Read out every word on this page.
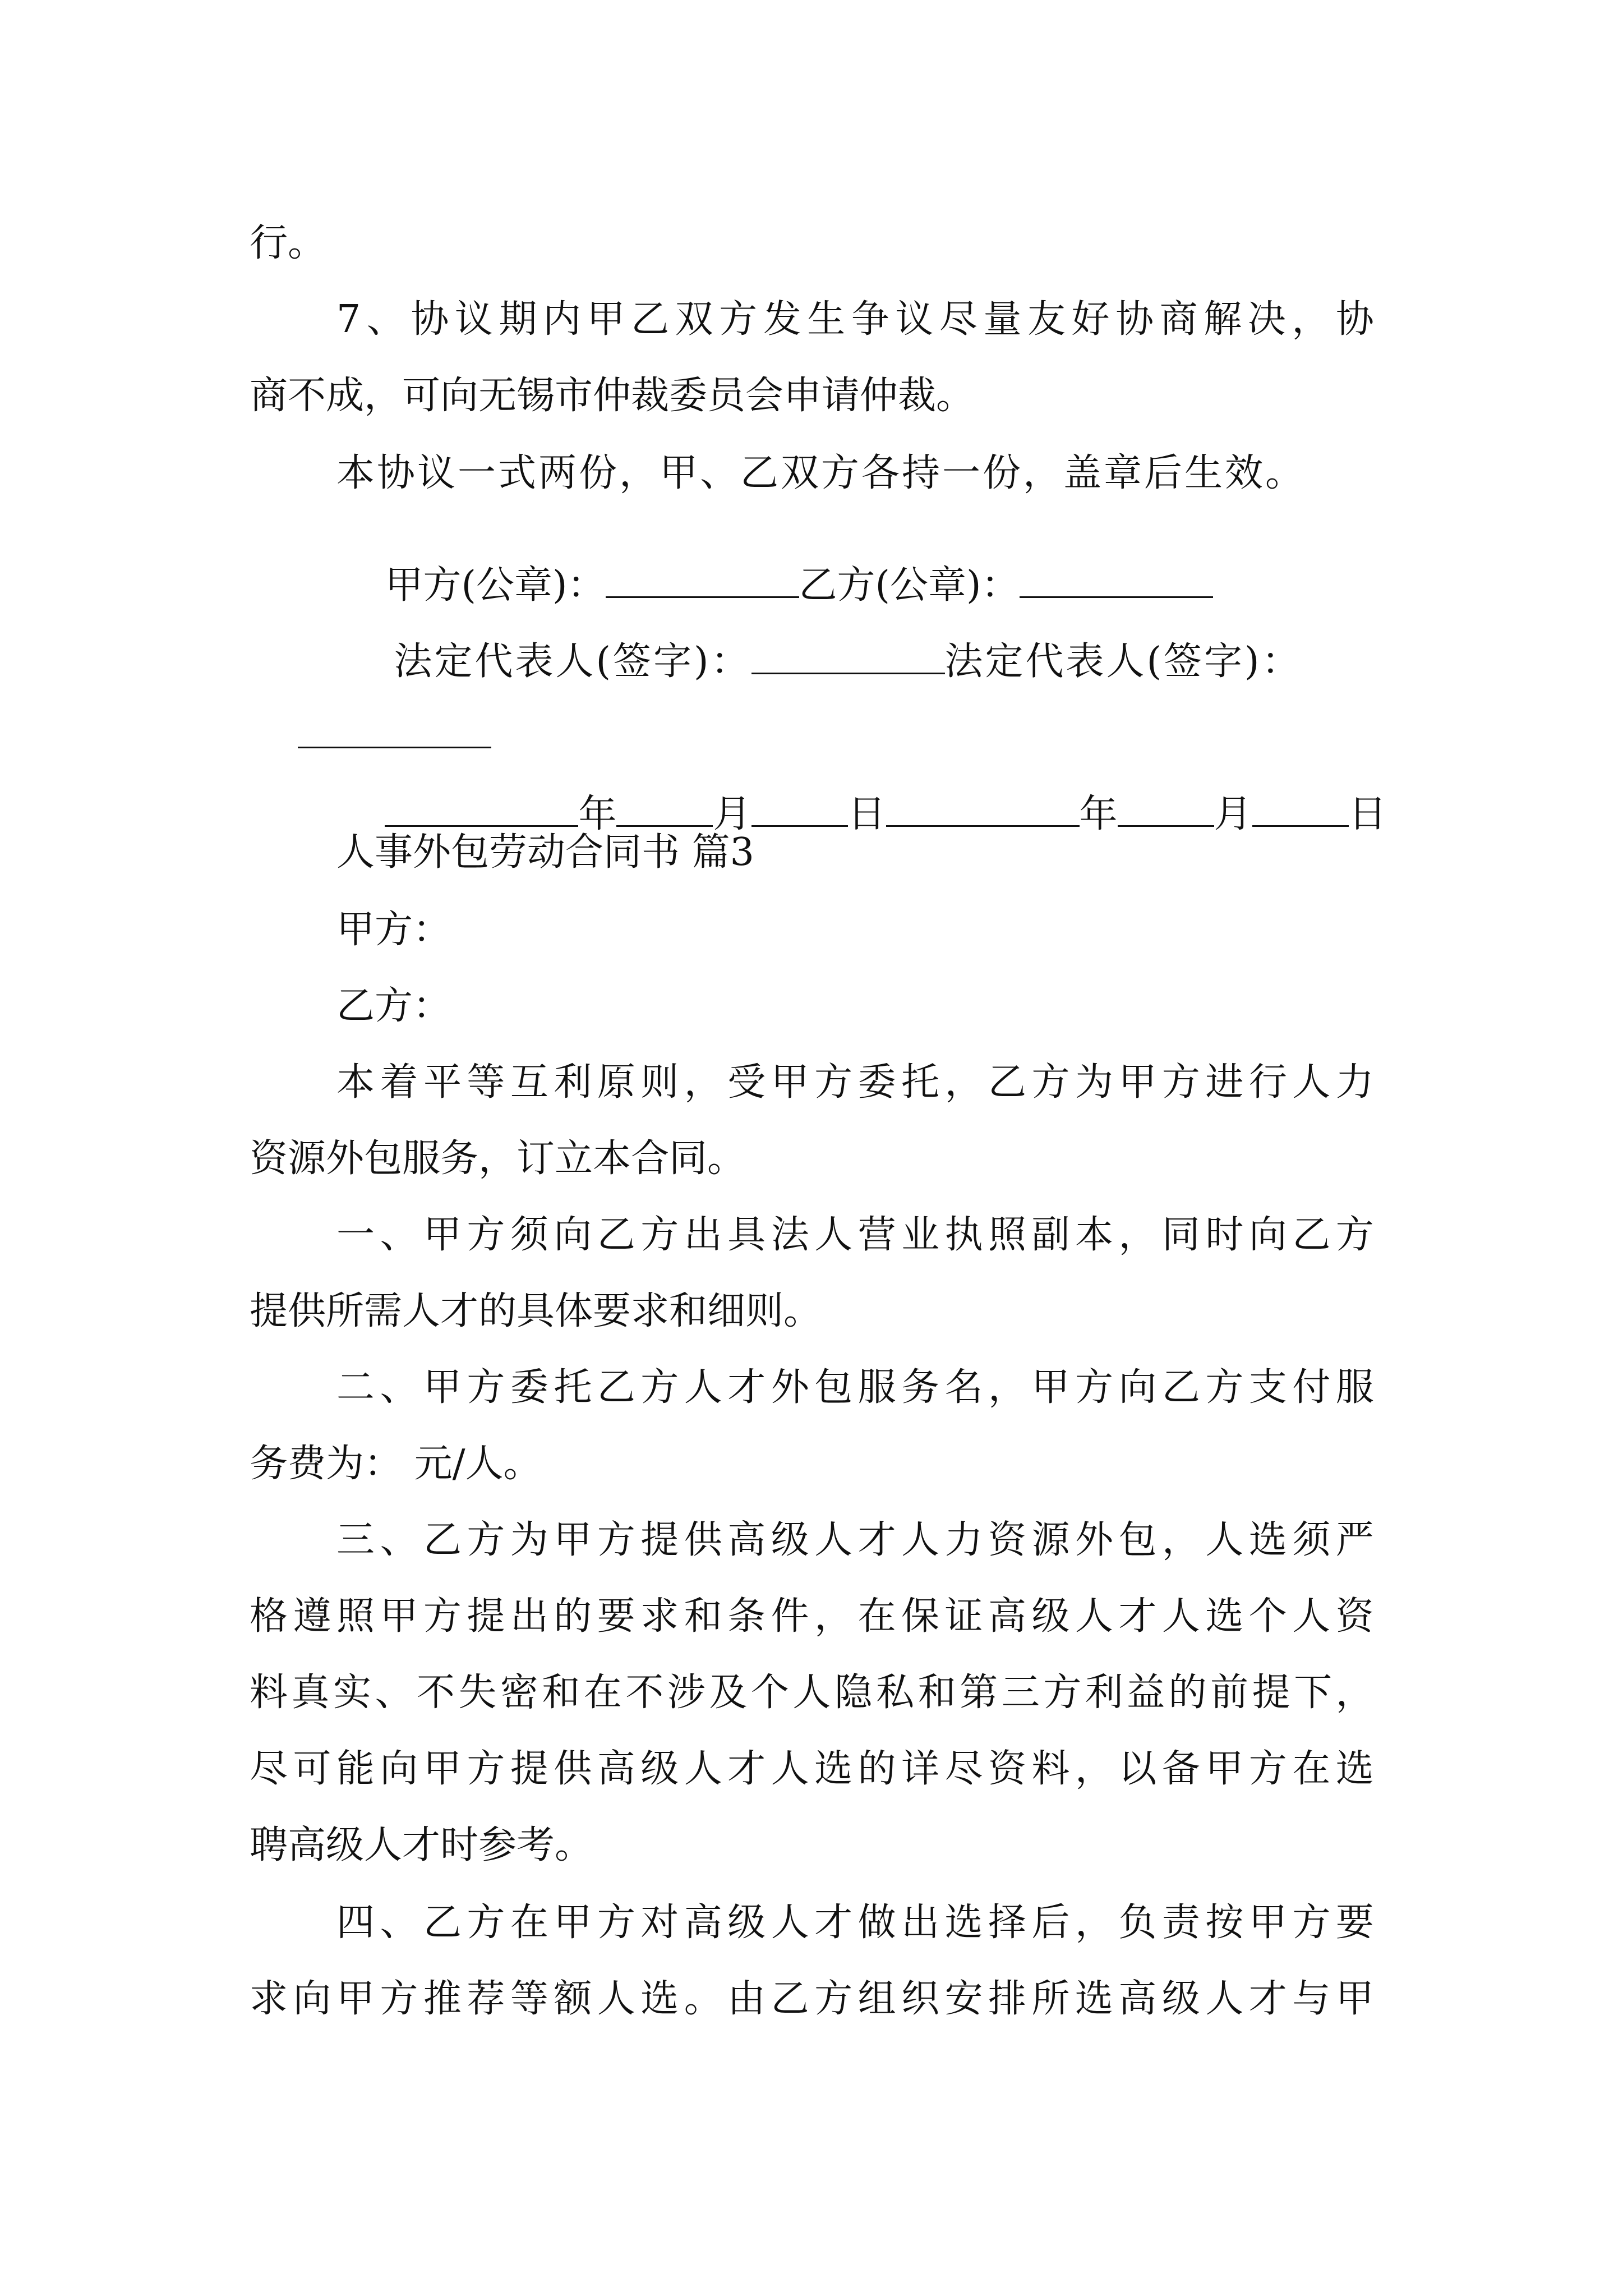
行。
7 、 协 议 期 内 甲 乙 双 方 发 生 争 议 尽 量 友 好 协 商 解 决 ， 协
商不成，可向无锡市仲裁委员会申请仲裁。
本协议一式两份，甲、乙双方各持一份，盖章后生效。

甲方(公章)：	乙方(公章)：

法定代表人(签字)：	法定代表人(签字)：

年	月	日	年	月	日

人事外包劳动合同书 篇3
甲方：
乙方：
本 着 平 等 互 利 原 则 ， 受 甲 方 委 托 ， 乙 方 为 甲 方 进 行 人 力
资源外包服务，订立本合同。
一 、 甲 方 须 向 乙 方 出 具 法 人 营 业 执 照 副 本 ， 同 时 向 乙 方
提供所需人才的具体要求和细则。
二 、 甲 方 委 托 乙 方 人 才 外 包 服 务 名 ， 甲 方 向 乙 方 支 付 服
务费为： 元/人。
三 、 乙 方 为 甲 方 提 供 高 级 人 才 人 力 资 源 外 包 ， 人 选 须 严
格 遵 照 甲 方 提 出 的 要 求 和 条 件 ， 在 保 证 高 级 人 才 人 选 个 人 资
料 真 实 、 不 失 密 和 在 不 涉 及 个 人 隐 私 和 第 三 方 利 益 的 前 提 下 ，
尽 可 能 向 甲 方 提 供 高 级 人 才 人 选 的 详 尽 资 料 ， 以 备 甲 方 在 选
聘高级人才时参考。
四 、 乙 方 在 甲 方 对 高 级 人 才 做 出 选 择 后 ， 负 责 按 甲 方 要
求 向 甲 方 推 荐 等 额 人 选 。 由 乙 方 组 织 安 排 所 选 高 级 人 才 与 甲
